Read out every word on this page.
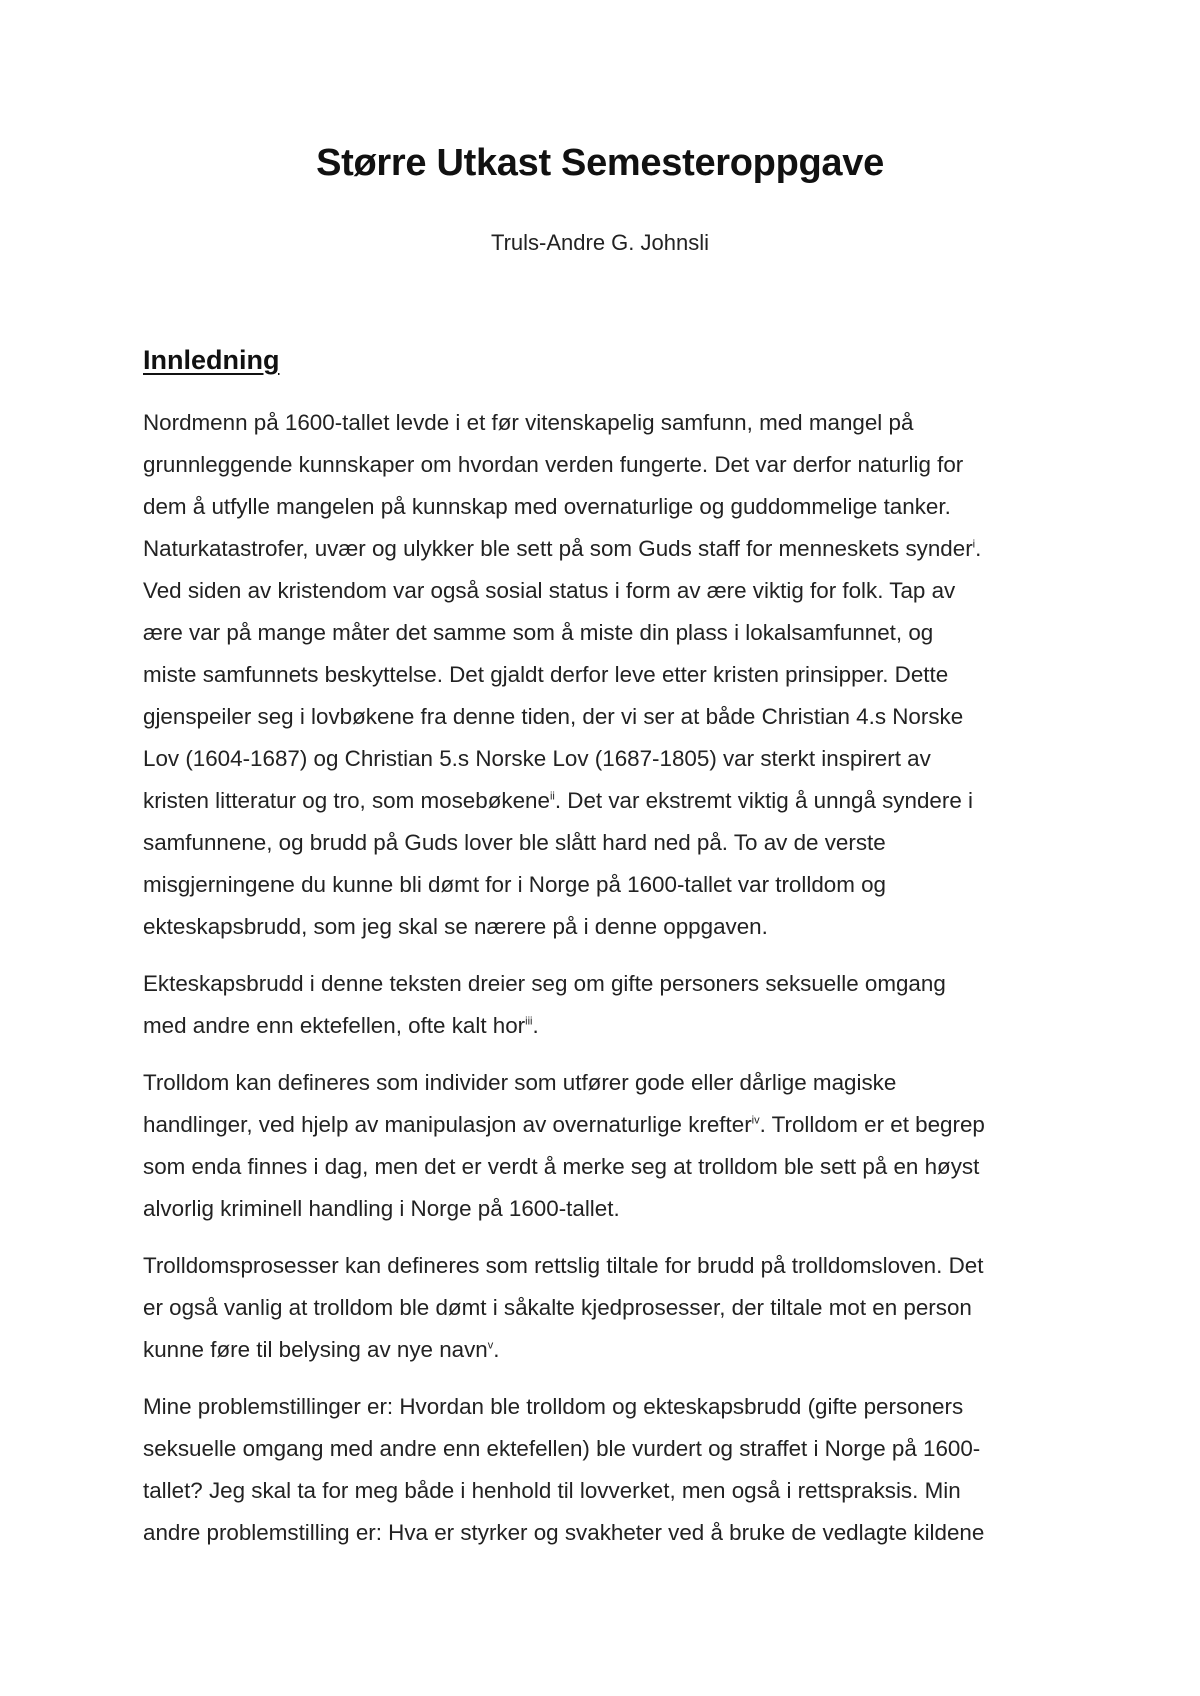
Større Utkast Semesteroppgave
Truls-Andre G. Johnsli
Innledning

Nordmenn på 1600-tallet levde i et før vitenskapelig samfunn, med mangel på
grunnleggende kunnskaper om hvordan verden fungerte. Det var derfor naturlig for
dem å utfylle mangelen på kunnskap med overnaturlige og guddommelige tanker.
Naturkatastrofer, uvær og ulykker ble sett på som Guds staff for menneskets synder$^i$.
Ved siden av kristendom var også sosial status i form av ære viktig for folk. Tap av
ære var på mange måter det samme som å miste din plass i lokalsamfunnet, og
miste samfunnets beskyttelse. Det gjaldt derfor leve etter kristen prinsipper. Dette
gjenspeiler seg i lovbøkene fra denne tiden, der vi ser at både Christian 4.s Norske
Lov (1604-1687) og Christian 5.s Norske Lov (1687-1805) var sterkt inspirert av
kristen litteratur og tro, som mosebøkene$^{ii}$. Det var ekstremt viktig å unngå syndere i
samfunnene, og brudd på Guds lover ble slått hard ned på. To av de verste
misgjerningene du kunne bli dømt for i Norge på 1600-tallet var trolldom og
ekteskapsbrudd, som jeg skal se nærere på i denne oppgaven.

Ekteskapsbrudd i denne teksten dreier seg om gifte personers seksuelle omgang
med andre enn ektefellen, ofte kalt hor$^{iii}$.

Trolldom kan defineres som individer som utfører gode eller dårlige magiske
handlinger, ved hjelp av manipulasjon av overnaturlige krefter$^{iv}$. Trolldom er et begrep
som enda finnes i dag, men det er verdt å merke seg at trolldom ble sett på en høyst
alvorlig kriminell handling i Norge på 1600-tallet.

Trolldomsprosesser kan defineres som rettslig tiltale for brudd på trolldomsloven. Det
er også vanlig at trolldom ble dømt i såkalte kjedprosesser, der tiltale mot en person
kunne føre til belysing av nye navn$^v$.

Mine problemstillinger er: Hvordan ble trolldom og ekteskapsbrudd (gifte personers
seksuelle omgang med andre enn ektefellen) ble vurdert og straffet i Norge på 1600-
tallet? Jeg skal ta for meg både i henhold til lovverket, men også i rettspraksis. Min
andre problemstilling er: Hva er styrker og svakheter ved å bruke de vedlagte kildene
